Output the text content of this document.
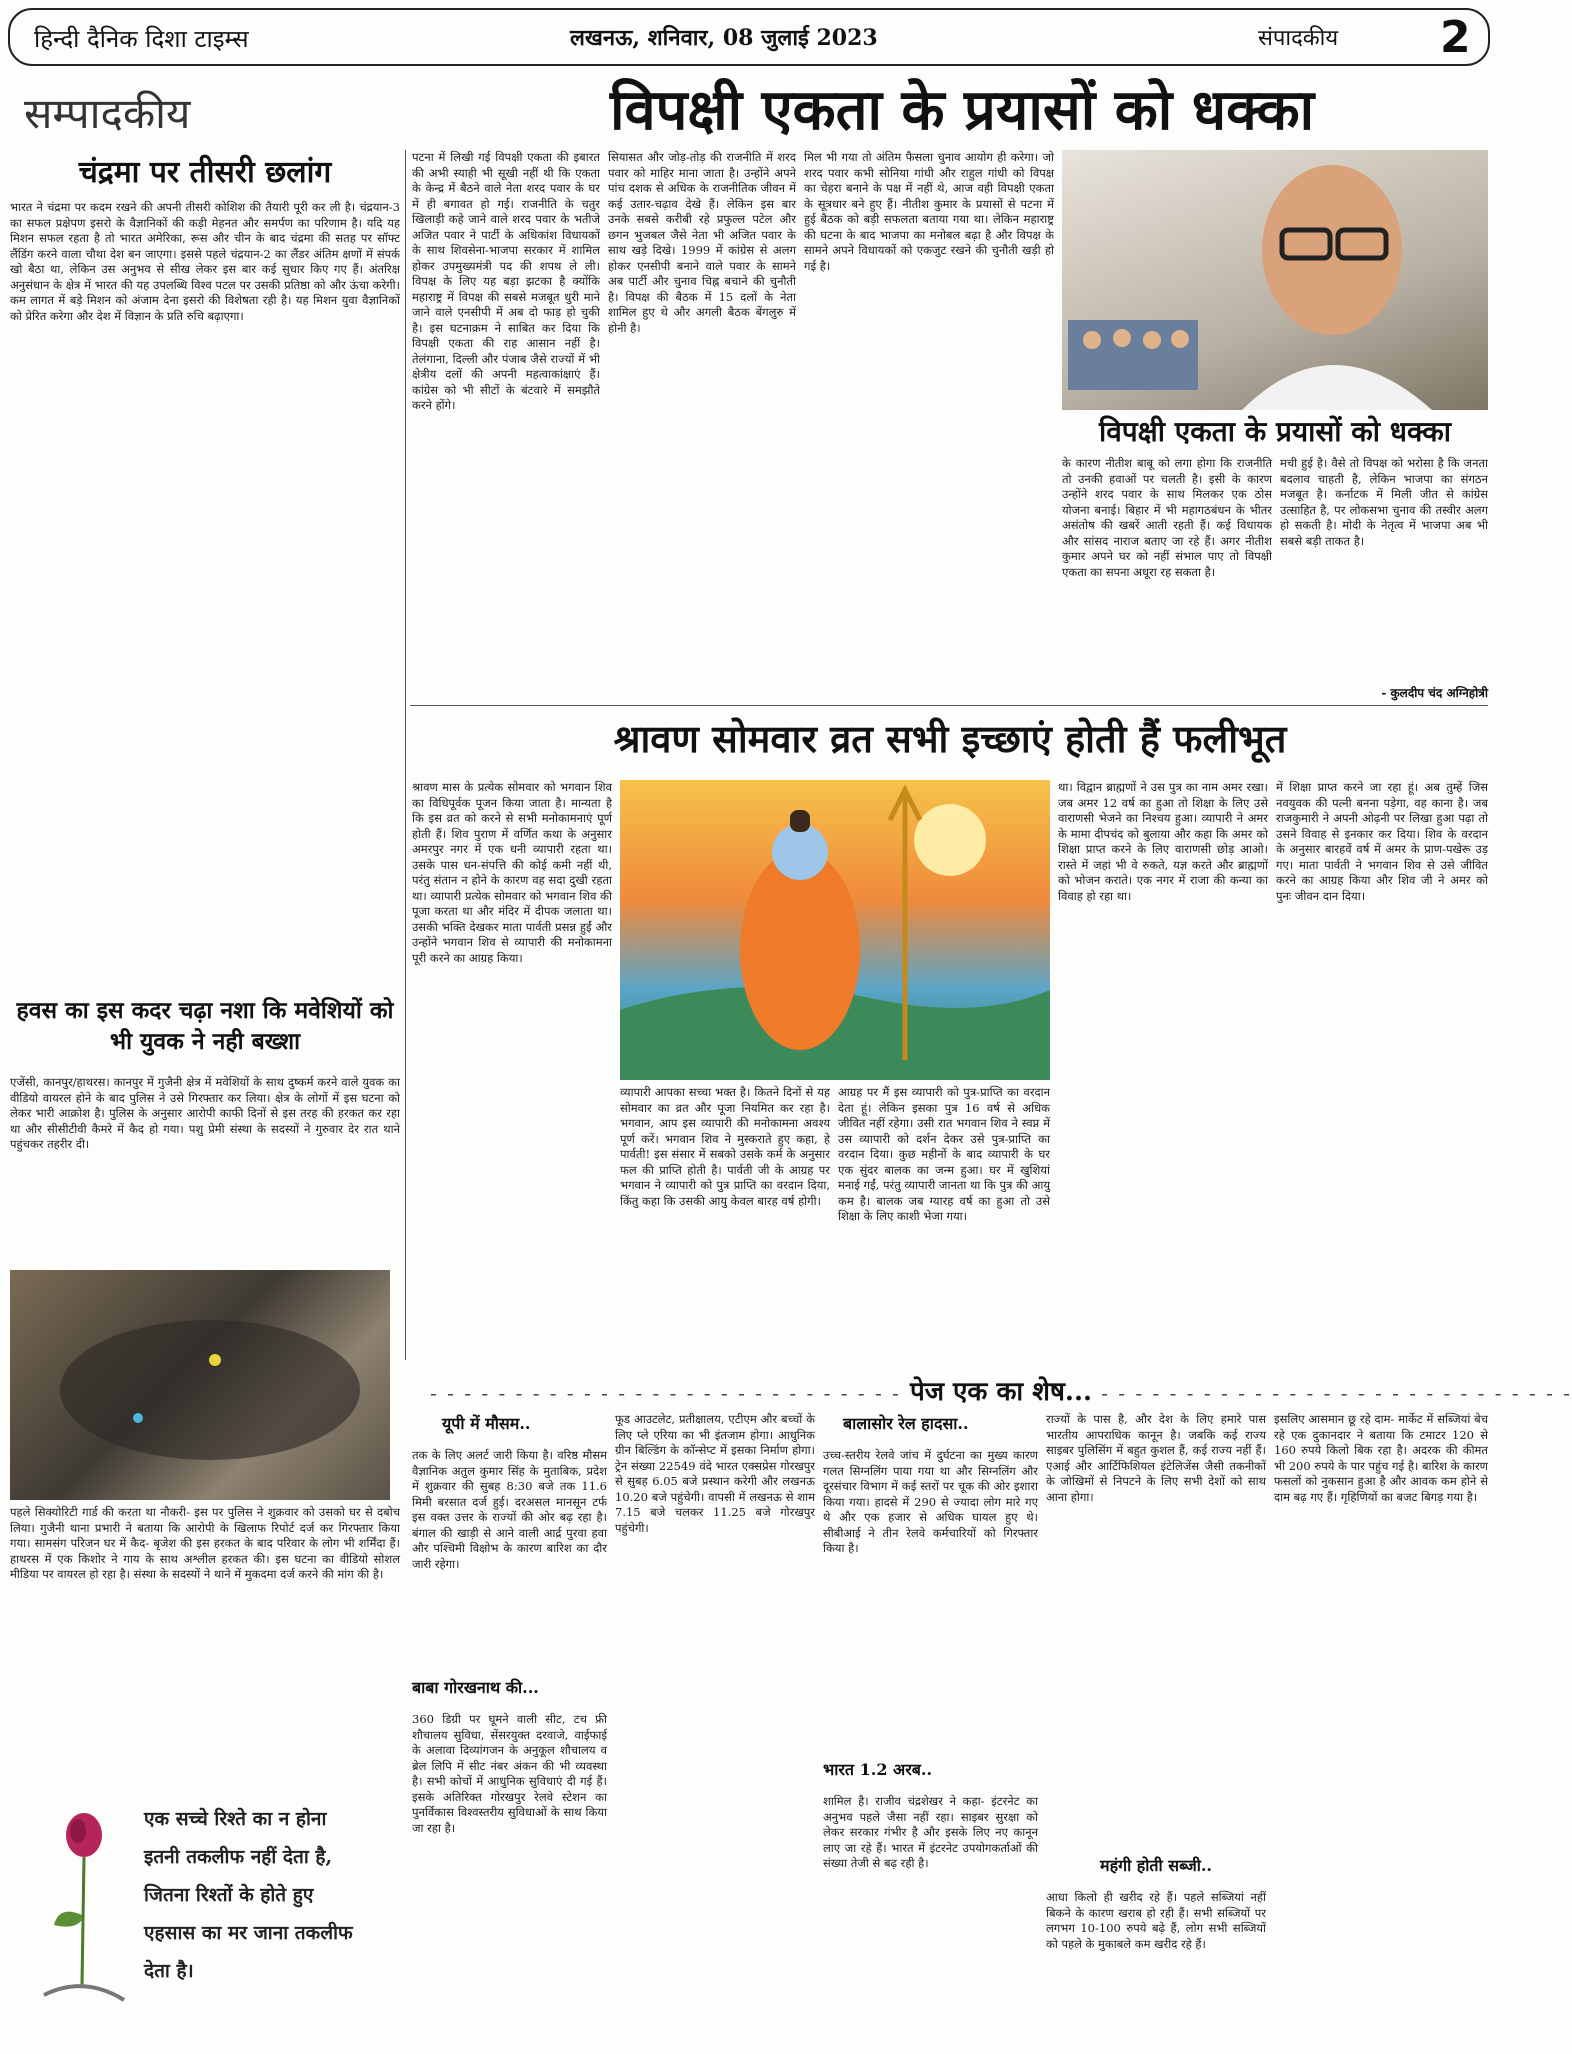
हिन्दी दैनिक दिशा टाइम्स	लखनऊ, शनिवार, 08 जुलाई 2023	संपादकीय 2
सम्पादकीय	विपक्षी एकता के प्रयासों को धक्का
चंद्रमा पर तीसरी छलांग
भारत ने चंद्रमा पर कदम रखने की अपनी तीसरी कोशिश की तैयारी पूरी कर ली है। चंद्रयान-3 का सफल प्रक्षेपण इसरो के वैज्ञानिकों की कड़ी मेहनत और समर्पण का परिणाम है। यदि यह मिशन सफल रहता है तो भारत अमेरिका, रूस और चीन के बाद चंद्रमा की सतह पर सॉफ्ट लैंडिंग करने वाला चौथा देश बन जाएगा। इससे पहले चंद्रयान-2 का लैंडर अंतिम क्षणों में संपर्क खो बैठा था, लेकिन उस अनुभव से सीख लेकर इस बार कई सुधार किए गए हैं। अंतरिक्ष अनुसंधान के क्षेत्र में भारत की यह उपलब्धि विश्व पटल पर उसकी प्रतिष्ठा को और ऊंचा करेगी। कम लागत में बड़े मिशन को अंजाम देना इसरो की विशेषता रही है। यह मिशन युवा वैज्ञानिकों को प्रेरित करेगा और देश में विज्ञान के प्रति रुचि बढ़ाएगा।
हवस का इस कदर चढ़ा नशा कि मवेशियों को भी युवक ने नही बख्शा
एजेंसी, कानपुर/हाथरस। कानपुर में गुजैनी क्षेत्र में मवेशियों के साथ दुष्कर्म करने वाले युवक का वीडियो वायरल होने के बाद पुलिस ने उसे गिरफ्तार कर लिया। क्षेत्र के लोगों में इस घटना को लेकर भारी आक्रोश है। पुलिस के अनुसार आरोपी काफी दिनों से इस तरह की हरकत कर रहा था और सीसीटीवी कैमरे में कैद हो गया। पशु प्रेमी संस्था के सदस्यों ने गुरुवार देर रात थाने पहुंचकर तहरीर दी।
पहले सिक्योरिटी गार्ड की करता था नौकरी- इस पर पुलिस ने शुक्रवार को उसको घर से दबोच लिया। गुजैनी थाना प्रभारी ने बताया कि आरोपी के खिलाफ रिपोर्ट दर्ज कर गिरफ्तार किया गया। सामसंग परिजन घर में कैद- बृजेश की इस हरकत के बाद परिवार के लोग भी शर्मिंदा हैं। हाथरस में एक किशोर ने गाय के साथ अश्लील हरकत की। इस घटना का वीडियो सोशल मीडिया पर वायरल हो रहा है। संस्था के सदस्यों ने थाने में मुकदमा दर्ज करने की मांग की है।
एक सच्चे रिश्ते का न होना
इतनी तकलीफ नहीं देता है,
जितना रिश्तों के होते हुए
एहसास का मर जाना तकलीफ
देता है।
पटना में लिखी गई विपक्षी एकता की इबारत की अभी स्याही भी सूखी नहीं थी कि एकता के केन्द्र में बैठने वाले नेता शरद पवार के घर में ही बगावत हो गई। राजनीति के चतुर खिलाड़ी कहे जाने वाले शरद पवार के भतीजे अजित पवार ने पार्टी के अधिकांश विधायकों के साथ शिवसेना-भाजपा सरकार में शामिल होकर उपमुख्यमंत्री पद की शपथ ले ली। विपक्ष के लिए यह बड़ा झटका है क्योंकि महाराष्ट्र में विपक्ष की सबसे मजबूत धुरी माने जाने वाले एनसीपी में अब दो फाड़ हो चुकी है। इस घटनाक्रम ने साबित कर दिया कि विपक्षी एकता की राह आसान नहीं है। तेलंगाना, दिल्ली और पंजाब जैसे राज्यों में भी क्षेत्रीय दलों की अपनी महत्वाकांक्षाएं हैं। कांग्रेस को भी सीटों के बंटवारे में समझौते करने होंगे।
सियासत और जोड़-तोड़ की राजनीति में शरद पवार को माहिर माना जाता है। उन्होंने अपने पांच दशक से अधिक के राजनीतिक जीवन में कई उतार-चढ़ाव देखे हैं। लेकिन इस बार उनके सबसे करीबी रहे प्रफुल्ल पटेल और छगन भुजबल जैसे नेता भी अजित पवार के साथ खड़े दिखे। 1999 में कांग्रेस से अलग होकर एनसीपी बनाने वाले पवार के सामने अब पार्टी और चुनाव चिह्न बचाने की चुनौती है। विपक्ष की बैठक में 15 दलों के नेता शामिल हुए थे और अगली बैठक बेंगलुरु में होनी है।
मिल भी गया तो अंतिम फैसला चुनाव आयोग ही करेगा। जो शरद पवार कभी सोनिया गांधी और राहुल गांधी को विपक्ष का चेहरा बनाने के पक्ष में नहीं थे, आज वही विपक्षी एकता के सूत्रधार बने हुए हैं। नीतीश कुमार के प्रयासों से पटना में हुई बैठक को बड़ी सफलता बताया गया था। लेकिन महाराष्ट्र की घटना के बाद भाजपा का मनोबल बढ़ा है और विपक्ष के सामने अपने विधायकों को एकजुट रखने की चुनौती खड़ी हो गई है।
विपक्षी एकता के प्रयासों को धक्का
के कारण नीतीश बाबू को लगा होगा कि राजनीति तो उनकी हवाओं पर चलती है। इसी के कारण उन्होंने शरद पवार के साथ मिलकर एक ठोस योजना बनाई। बिहार में भी महागठबंधन के भीतर असंतोष की खबरें आती रहती हैं। कई विधायक और सांसद नाराज बताए जा रहे हैं। अगर नीतीश कुमार अपने घर को नहीं संभाल पाए तो विपक्षी एकता का सपना अधूरा रह सकता है।
मची हुई है। वैसे तो विपक्ष को भरोसा है कि जनता बदलाव चाहती है, लेकिन भाजपा का संगठन मजबूत है। कर्नाटक में मिली जीत से कांग्रेस उत्साहित है, पर लोकसभा चुनाव की तस्वीर अलग हो सकती है। मोदी के नेतृत्व में भाजपा अब भी सबसे बड़ी ताकत है।
- कुलदीप चंद अग्निहोत्री
श्रावण सोमवार व्रत सभी इच्छाएं होती हैं फलीभूत
श्रावण मास के प्रत्येक सोमवार को भगवान शिव का विधिपूर्वक पूजन किया जाता है। मान्यता है कि इस व्रत को करने से सभी मनोकामनाएं पूर्ण होती हैं। शिव पुराण में वर्णित कथा के अनुसार अमरपुर नगर में एक धनी व्यापारी रहता था। उसके पास धन-संपत्ति की कोई कमी नहीं थी, परंतु संतान न होने के कारण वह सदा दुखी रहता था। व्यापारी प्रत्येक सोमवार को भगवान शिव की पूजा करता था और मंदिर में दीपक जलाता था। उसकी भक्ति देखकर माता पार्वती प्रसन्न हुईं और उन्होंने भगवान शिव से व्यापारी की मनोकामना पूरी करने का आग्रह किया।
व्यापारी आपका सच्चा भक्त है। कितने दिनों से यह सोमवार का व्रत और पूजा नियमित कर रहा है। भगवान, आप इस व्यापारी की मनोकामना अवश्य पूर्ण करें। भगवान शिव ने मुस्कराते हुए कहा, हे पार्वती! इस संसार में सबको उसके कर्म के अनुसार फल की प्राप्ति होती है। पार्वती जी के आग्रह पर भगवान ने व्यापारी को पुत्र प्राप्ति का वरदान दिया, किंतु कहा कि उसकी आयु केवल बारह वर्ष होगी।
आग्रह पर मैं इस व्यापारी को पुत्र-प्राप्ति का वरदान देता हूं। लेकिन इसका पुत्र 16 वर्ष से अधिक जीवित नहीं रहेगा। उसी रात भगवान शिव ने स्वप्न में उस व्यापारी को दर्शन देकर उसे पुत्र-प्राप्ति का वरदान दिया। कुछ महीनों के बाद व्यापारी के घर एक सुंदर बालक का जन्म हुआ। घर में खुशियां मनाई गईं, परंतु व्यापारी जानता था कि पुत्र की आयु कम है। बालक जब ग्यारह वर्ष का हुआ तो उसे शिक्षा के लिए काशी भेजा गया।
था। विद्वान ब्राह्मणों ने उस पुत्र का नाम अमर रखा। जब अमर 12 वर्ष का हुआ तो शिक्षा के लिए उसे वाराणसी भेजने का निश्चय हुआ। व्यापारी ने अमर के मामा दीपचंद को बुलाया और कहा कि अमर को शिक्षा प्राप्त करने के लिए वाराणसी छोड़ आओ। रास्ते में जहां भी वे रुकते, यज्ञ करते और ब्राह्मणों को भोजन कराते। एक नगर में राजा की कन्या का विवाह हो रहा था।
में शिक्षा प्राप्त करने जा रहा हूं। अब तुम्हें जिस नवयुवक की पत्नी बनना पड़ेगा, वह काना है। जब राजकुमारी ने अपनी ओढ़नी पर लिखा हुआ पढ़ा तो उसने विवाह से इनकार कर दिया। शिव के वरदान के अनुसार बारहवें वर्ष में अमर के प्राण-पखेरू उड़ गए। माता पार्वती ने भगवान शिव से उसे जीवित करने का आग्रह किया और शिव जी ने अमर को पुनः जीवन दान दिया।
- - - - - - - - - - - - - - - - - - - - - - - - - - - - पेज एक का शेष... - - - - - - - - - - - - - - - - - - - - - - - - - - - -
यूपी में मौसम..
तक के लिए अलर्ट जारी किया है। वरिष्ठ मौसम वैज्ञानिक अतुल कुमार सिंह के मुताबिक, प्रदेश में शुक्रवार की सुबह 8:30 बजे तक 11.6 मिमी बरसात दर्ज हुई। दरअसल मानसून टर्फ इस वक्त उत्तर के राज्यों की ओर बढ़ रहा है। बंगाल की खाड़ी से आने वाली आर्द्र पुरवा हवा और पश्चिमी विक्षोभ के कारण बारिश का दौर जारी रहेगा।
बाबा गोरखनाथ की...
360 डिग्री पर घूमने वाली सीट, टच फ्री शौचालय सुविधा, सेंसरयुक्त दरवाजे, वाईफाई के अलावा दिव्यांगजन के अनुकूल शौचालय व ब्रेल लिपि में सीट नंबर अंकन की भी व्यवस्था है। सभी कोचों में आधुनिक सुविधाएं दी गई हैं। इसके अतिरिक्त गोरखपुर रेलवे स्टेशन का पुनर्विकास विश्वस्तरीय सुविधाओं के साथ किया जा रहा है।
फूड आउटलेट, प्रतीक्षालय, एटीएम और बच्चों के लिए प्ले एरिया का भी इंतजाम होगा। आधुनिक ग्रीन बिल्डिंग के कॉन्सेप्ट में इसका निर्माण होगा। ट्रेन संख्या 22549 वंदे भारत एक्सप्रेस गोरखपुर से सुबह 6.05 बजे प्रस्थान करेगी और लखनऊ 10.20 बजे पहुंचेगी। वापसी में लखनऊ से शाम 7.15 बजे चलकर 11.25 बजे गोरखपुर पहुंचेगी।
बालासोर रेल हादसा..
उच्च-स्तरीय रेलवे जांच में दुर्घटना का मुख्य कारण गलत सिग्नलिंग पाया गया था और सिग्नलिंग और दूरसंचार विभाग में कई स्तरों पर चूक की ओर इशारा किया गया। हादसे में 290 से ज्यादा लोग मारे गए थे और एक हजार से अधिक घायल हुए थे। सीबीआई ने तीन रेलवे कर्मचारियों को गिरफ्तार किया है।
भारत 1.2 अरब..
शामिल है। राजीव चंद्रशेखर ने कहा- इंटरनेट का अनुभव पहले जैसा नहीं रहा। साइबर सुरक्षा को लेकर सरकार गंभीर है और इसके लिए नए कानून लाए जा रहे हैं। भारत में इंटरनेट उपयोगकर्ताओं की संख्या तेजी से बढ़ रही है।
राज्यों के पास है, और देश के लिए हमारे पास भारतीय आपराधिक कानून है। जबकि कई राज्य साइबर पुलिसिंग में बहुत कुशल हैं, कई राज्य नहीं हैं। एआई और आर्टिफिशियल इंटेलिजेंस जैसी तकनीकों के जोखिमों से निपटने के लिए सभी देशों को साथ आना होगा।
महंगी होती सब्जी..
आधा किलो ही खरीद रहे हैं। पहले सब्जियां नहीं बिकने के कारण खराब हो रही हैं। सभी सब्जियों पर लगभग 10-100 रुपये बढ़े हैं, लोग सभी सब्जियों को पहले के मुकाबले कम खरीद रहे हैं।
इसलिए आसमान छू रहे दाम- मार्केट में सब्जियां बेच रहे एक दुकानदार ने बताया कि टमाटर 120 से 160 रुपये किलो बिक रहा है। अदरक की कीमत भी 200 रुपये के पार पहुंच गई है। बारिश के कारण फसलों को नुकसान हुआ है और आवक कम होने से दाम बढ़ गए हैं। गृहिणियों का बजट बिगड़ गया है।
